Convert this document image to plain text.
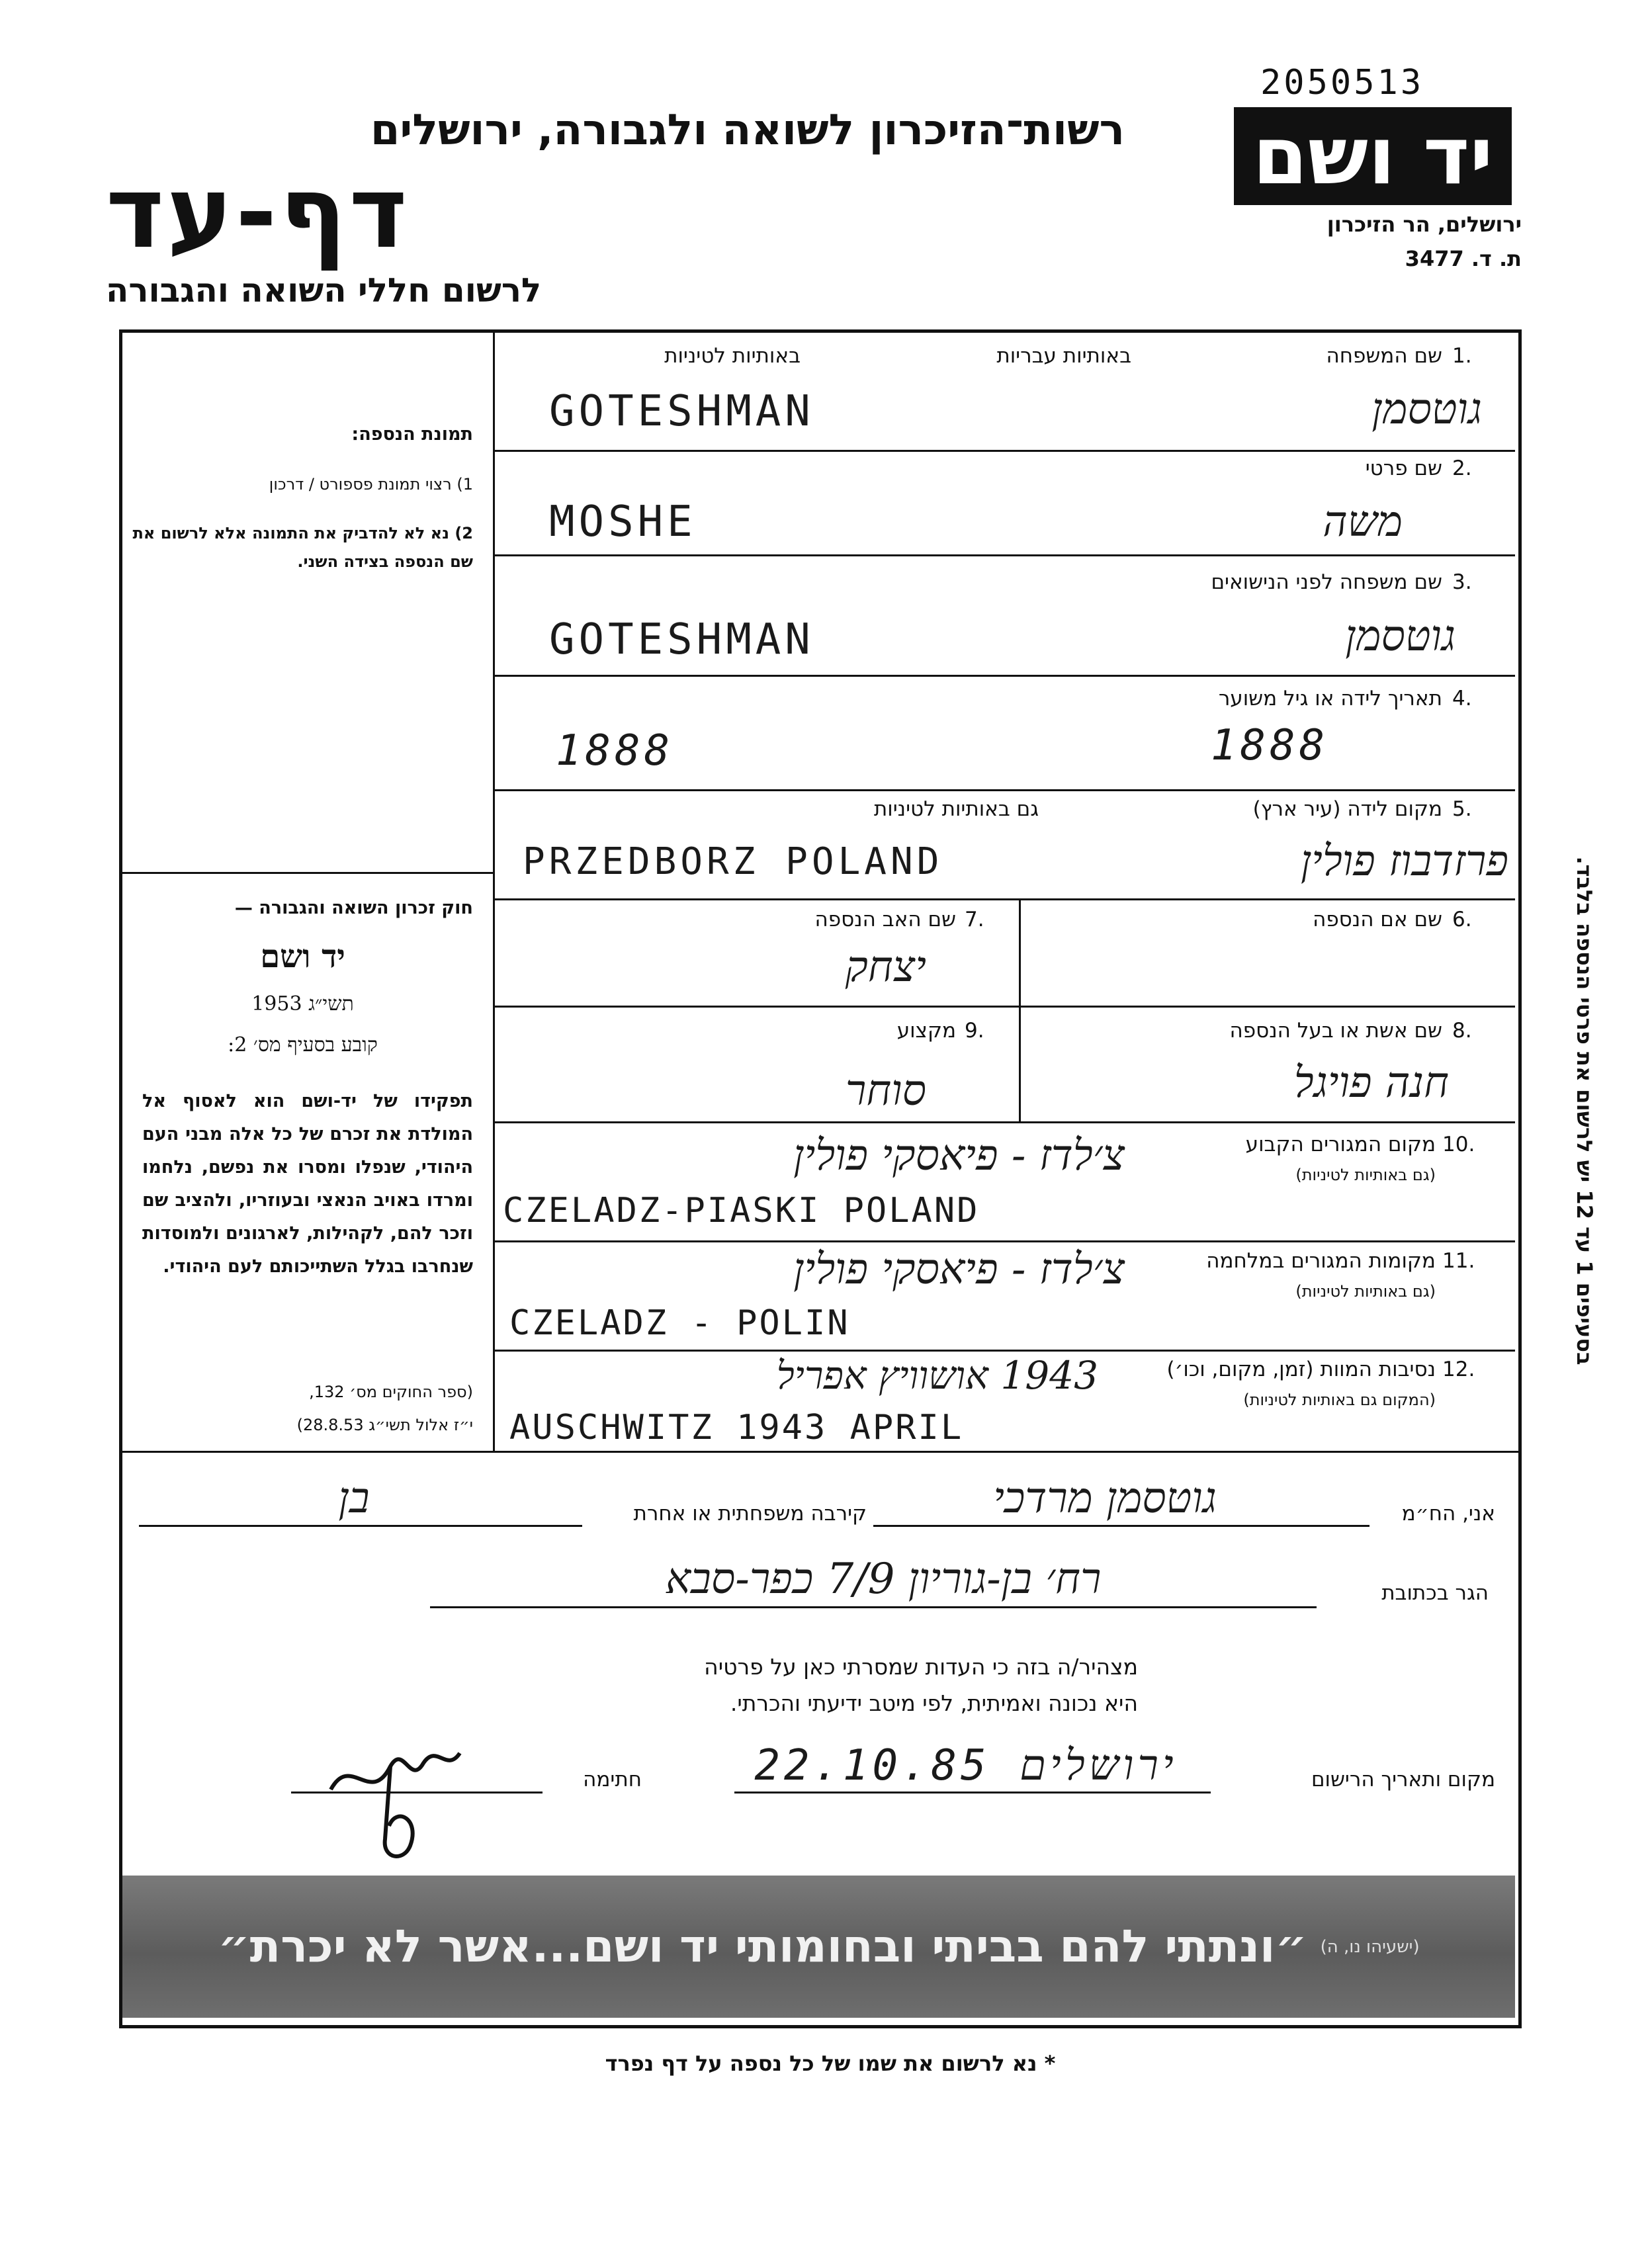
2050513
יד ושם
ירושלים, הר הזיכרון
ת. ד. 3477
רשות־הזיכרון לשואה ולגבורה, ירושלים
דף-עד
לרשום חללי השואה והגבורה
תמונת הנספה:
1) רצוי תמונת פספורט / דרכון
2) נא לא להדביק את התמונה אלא לרשום את שם הנספה בצידה השני.
חוק זכרון השואה והגבורה —
יד ושם
תשי״ג 1953
קובע בסעיף מס׳ 2:
תפקידו של יד-ושם הוא לאסוף אל המולדת את זכרם של כל אלה מבני העם היהודי, שנפלו ומסרו את נפשם, נלחמו ומרדו באויב הנאצי ובעוזריו, ולהציב שם וזכר להם, לקהילות, לארגונים ולמוסדות שנחרבו בגלל השתייכותם לעם היהודי.
(ספר החוקים מס׳ 132,
י״ז אלול תשי״ג 28.8.53)
1.
שם המשפחה
באותיות עבריות
באותיות לטיניות
GOTESHMAN	גוטסמן
2.
שם פרטי
MOSHE	משה
3.
שם משפחה לפני הנישואים
GOTESHMAN	גוטסמן
4.
תאריך לידה או גיל משוער
1888	1888
5.
מקום לידה (עיר ארץ)
גם באותיות לטיניות
PRZEDBORZ POLAND	פרזדבוז פולין
6.
שם אם הנספה
7.
שם האב הנספה
יצחק
8.
שם אשת או בעל הנספה
חנה פויגל
9.
מקצוע
סוחר
10.
מקום המגורים הקבוע
(גם באותיות לטיניות)
צ׳לדז - פיאסקי פולין
CZELADZ-PIASKI POLAND
11.
מקומות המגורים במלחמה
(גם באותיות לטיניות)
צ׳לדז - פיאסקי פולין
CZELADZ - POLIN
12.
נסיבות המוות (זמן, מקום, וכו׳)
(המקום גם באותיות לטיניות)
1943 אושוויץ אפריל
AUSCHWITZ 1943 APRIL
אני, הח״מ
גוטסמן מרדכי
קירבה משפחתית או אחרת
בן
הגר בכתובת
רח׳ בן-גוריון 7/9 כפר-סבא
מצהיר/ה בזה כי העדות שמסרתי כאן על פרטיה
היא נכונה ואמיתית, לפי מיטב ידיעתי והכרתי.
מקום ותאריך הרישום
ירושלים 22.10.85
חתימה
״ונתתי להם בביתי ובחומותי יד ושם...אשר לא יכרת״ (ישעיהו נו, ה)
בסעיפים 1 עד 12 יש לרשום את פרטי הנספה בלבד.
* נא לרשום את שמו של כל נספה על דף נפרד
